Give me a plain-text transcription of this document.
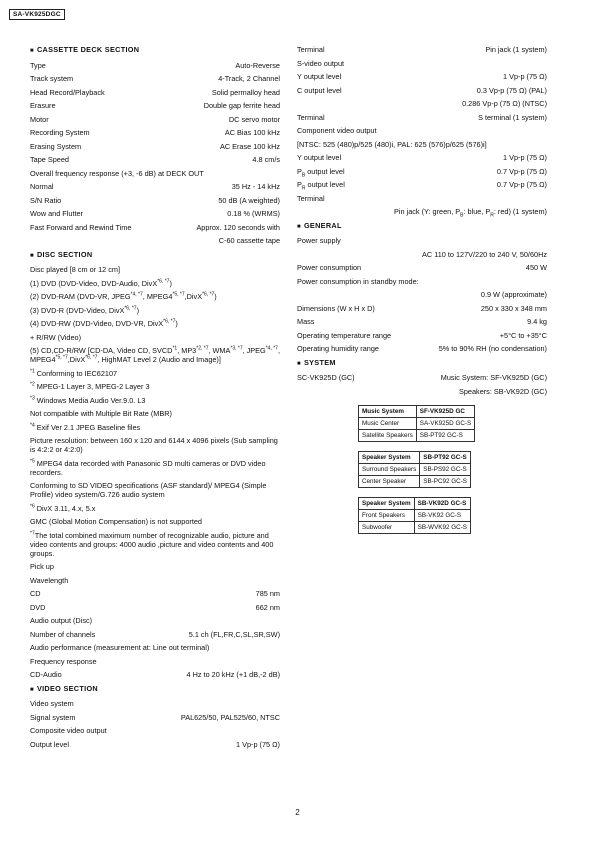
SA-VK925DGC
■ CASSETTE DECK SECTION
Type	Auto-Reverse
Track system	4-Track, 2 Channel
Head Record/Playback	Solid permalloy head
Erasure	Double gap ferrite head
Motor	DC servo motor
Recording System	AC Bias 100 kHz
Erasing System	AC Erase 100 kHz
Tape Speed	4.8 cm/s
Overall frequency response (+3, -6 dB) at DECK OUT
Normal	35 Hz - 14 kHz
S/N Ratio	50 dB (A weighted)
Wow and Flutter	0.18 % (WRMS)
Fast Forward and Rewind Time	Approx. 120 seconds with
C-60 cassette tape
■ DISC SECTION
Disc played [8 cm or 12 cm]
(1) DVD (DVD-Video, DVD-Audio, DivX$^{*6, *7}$)
(2) DVD-RAM (DVD-VR, $JPEG^{*4, *7}$, $MPEG4^{*5, *7},DivX^{*6, *7}$)
(3) DVD-R (DVD-Video, DivX$^{*6, *7}$)
(4) DVD-RW (DVD-Video, DVD-VR, DivX$^{*6, *7}$)
+ R/RW (Video)
(5) CD,CD-R/RW [CD-DA, Video CD, SVCD$^{*1}$, $MP3^{*2, *7}$, $WMA^{*3, *7}$, $JPEG^{*4, *7}$, $MPEG4^{*5, *7},DivX^{*6, *7}$, HighMAT Level 2 (Audio and Image)]
$^{*1}$ Conforming to IEC62107
$^{*2}$ MPEG-1 Layer 3, MPEG-2 Layer 3
$^{*3}$ Windows Media Audio Ver.9.0. L3
Not compatible with Multiple Bit Rate (MBR)
$^{*4}$ Exif Ver 2.1 JPEG Baseline files
Picture resolution: between 160 x 120 and 6144 x 4096 pixels (Sub sampling is 4:2:2 or 4:2:0)
$^{*5}$ MPEG4 data recorded with Panasonic SD multi cameras or DVD video recorders.
Conforming to SD VIDEO specifications (ASF standard)/ MPEG4 (Simple Profile) video system/G.726 audio system
$^{*6}$ DivX 3.11, 4.x, 5.x
GMC (Global Motion Compensation) is not supported
$^{*7}$The total combined maximum number of recognizable audio, picture and video contents and groups: 4000 audio ,picture and video contents and 400 groups.
Pick up
Wavelength
CD	785 nm
DVD	662 nm
Audio output (Disc)
Number of channels	5.1 ch (FL,FR,C,SL,SR,SW)
Audio performance (measurement at: Line out terminal)
Frequency response
CD-Audio	4 Hz to 20 kHz (+1 dB,-2 dB)
■ VIDEO SECTION
Video system
Signal system	PAL625/50, PAL525/60, NTSC
Composite video output
Output level	1 Vp-p (75 Ω)
Terminal	Pin jack (1 system)
S-video output
Y output level	1 Vp-p (75 Ω)
C output level	0.3 Vp-p (75 Ω) (PAL)
0.286 Vp-p (75 Ω) (NTSC)
Terminal	S terminal (1 system)
Component video output
[NTSC: 525 (480)p/525 (480)i, PAL: 625 (576)p/625 (576)i]
Y output level	1 Vp-p (75 Ω)
$P_B$ output level	0.7 Vp-p (75 Ω)
$P_R$ output level	0.7 Vp-p (75 Ω)
Terminal
Pin jack (Y: green, $P_B$: blue, $P_R$: red) (1 system)
■ GENERAL
Power supply
AC 110 to 127V/220 to 240 V, 50/60Hz
Power consumption	450 W
Power consumption in standby mode:
0.9 W (approximate)
Dimensions (W x H x D)	250 x 330 x 348 mm
Mass	9.4 kg
Operating temperature range	+5°C to +35°C
Operating humidity range	5% to 90% RH (no condensation)
■ SYSTEM
SC-VK925D (GC)	Music System: SF-VK925D (GC)
Speakers: SB-VK92D (GC)
Music System	SF-VK925D GC
Music Center	SA-VK925D GC-S
Satellite Speakers	SB-PT92 GC-S
Speaker System	SB-PT92 GC-S
Surround Speakers	SB-PS92 GC-S
Center Speaker	SB-PC92 GC-S
Speaker System	SB-VK92D GC-S
Front Speakers	SB-VK92 GC-S
Subwoofer	SB-WVK92 GC-S
2
